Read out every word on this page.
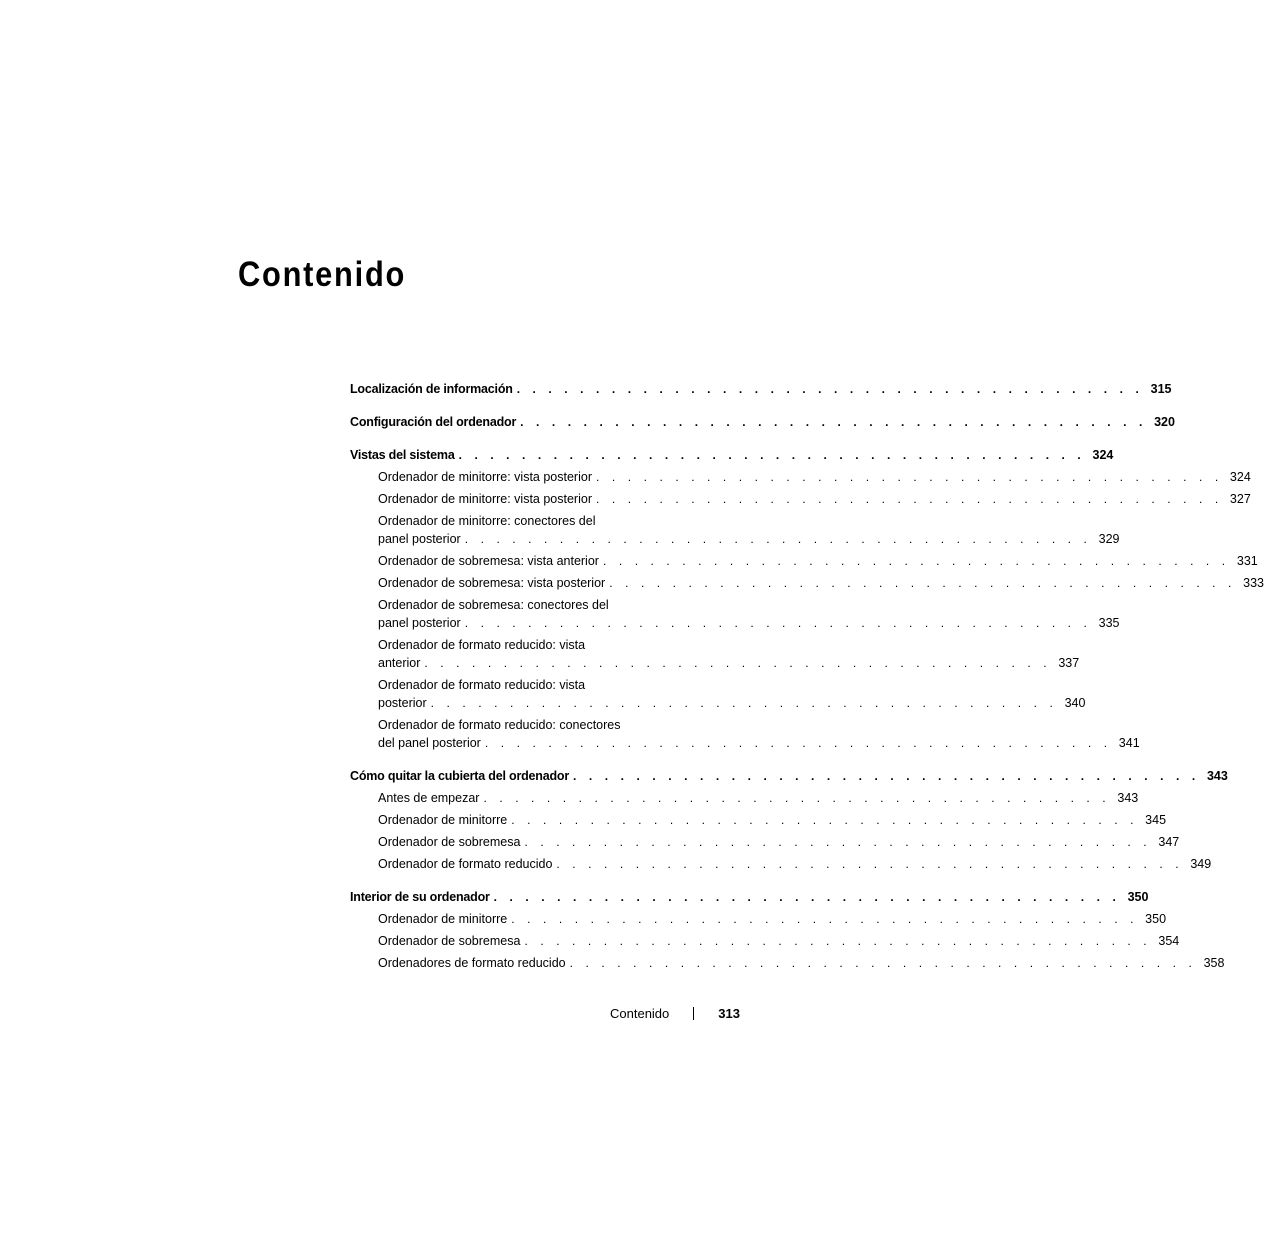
Contenido
Localización de información . . . . . . . . . . . . . . . . . . . . . . . . . . . . . . . . . . . . . . . . 315
Configuración del ordenador . . . . . . . . . . . . . . . . . . . . . . . . . . . . . . . . . . . . . . . . 320
Vistas del sistema . . . . . . . . . . . . . . . . . . . . . . . . . . . . . . . . . . . . . . . . 324
Ordenador de minitorre: vista posterior . . . . . . . . . . . . . . . . . . . . . . . . . . . . . . . . . . . . . . . . 324
Ordenador de minitorre: vista posterior . . . . . . . . . . . . . . . . . . . . . . . . . . . . . . . . . . . . . . . . 327
Ordenador de minitorre: conectores del
panel posterior . . . . . . . . . . . . . . . . . . . . . . . . . . . . . . . . . . . . . . . . 329
Ordenador de sobremesa: vista anterior . . . . . . . . . . . . . . . . . . . . . . . . . . . . . . . . . . . . . . . . 331
Ordenador de sobremesa: vista posterior . . . . . . . . . . . . . . . . . . . . . . . . . . . . . . . . . . . . . . . . 333
Ordenador de sobremesa: conectores del
panel posterior . . . . . . . . . . . . . . . . . . . . . . . . . . . . . . . . . . . . . . . . 335
Ordenador de formato reducido: vista
anterior . . . . . . . . . . . . . . . . . . . . . . . . . . . . . . . . . . . . . . . . 337
Ordenador de formato reducido: vista
posterior . . . . . . . . . . . . . . . . . . . . . . . . . . . . . . . . . . . . . . . . 340
Ordenador de formato reducido: conectores
del panel posterior . . . . . . . . . . . . . . . . . . . . . . . . . . . . . . . . . . . . . . . . 341
Cómo quitar la cubierta del ordenador . . . . . . . . . . . . . . . . . . . . . . . . . . . . . . . . . . . . . . . . 343
Antes de empezar . . . . . . . . . . . . . . . . . . . . . . . . . . . . . . . . . . . . . . . . 343
Ordenador de minitorre . . . . . . . . . . . . . . . . . . . . . . . . . . . . . . . . . . . . . . . . 345
Ordenador de sobremesa . . . . . . . . . . . . . . . . . . . . . . . . . . . . . . . . . . . . . . . . 347
Ordenador de formato reducido . . . . . . . . . . . . . . . . . . . . . . . . . . . . . . . . . . . . . . . . 349
Interior de su ordenador . . . . . . . . . . . . . . . . . . . . . . . . . . . . . . . . . . . . . . . . 350
Ordenador de minitorre . . . . . . . . . . . . . . . . . . . . . . . . . . . . . . . . . . . . . . . . 350
Ordenador de sobremesa . . . . . . . . . . . . . . . . . . . . . . . . . . . . . . . . . . . . . . . . 354
Ordenadores de formato reducido . . . . . . . . . . . . . . . . . . . . . . . . . . . . . . . . . . . . . . . . 358
Contenido	313
